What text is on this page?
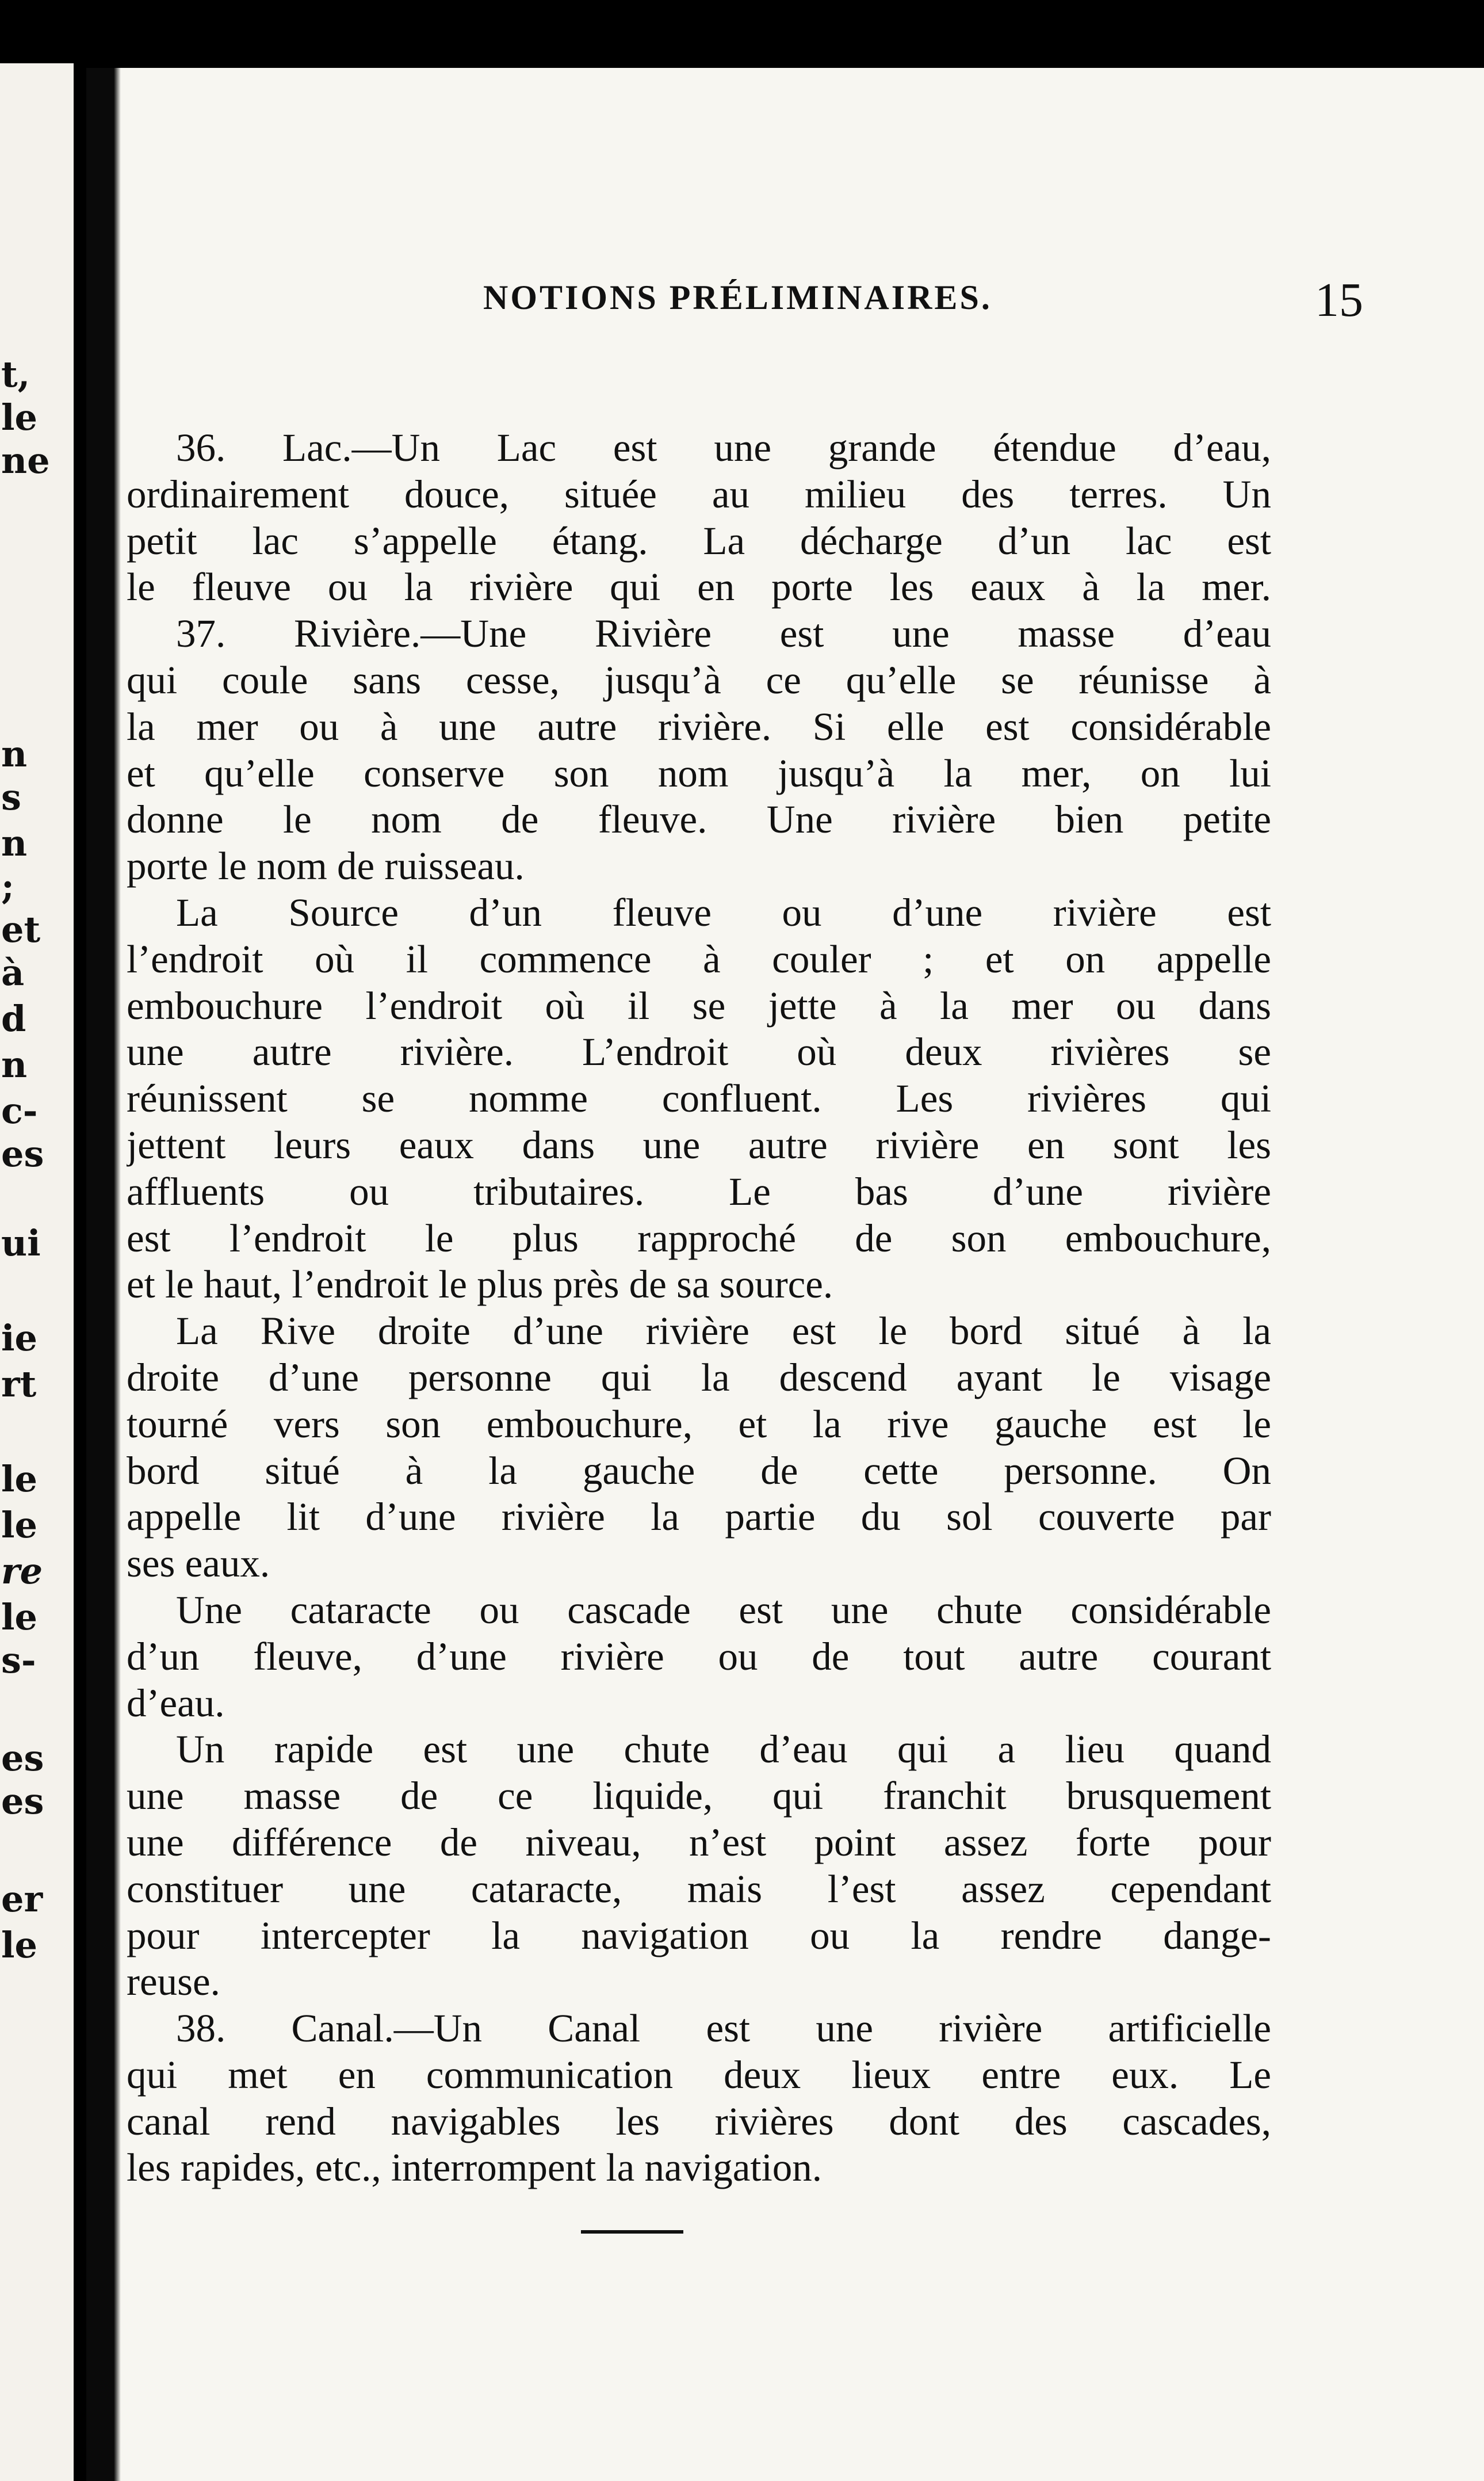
t,
le
ne
n
s
n
;
et
à
d
n
c-
es
ui
ie
rt
le
le
re
le
s-
es
es
er
le
NOTIONS PRÉLIMINAIRES.	15
36. Lac.—Un Lac est une grande étendue d’eau,
ordinairement douce, située au milieu des terres. Un
petit lac s’appelle étang. La décharge d’un lac est
le fleuve ou la rivière qui en porte les eaux à la mer.
37. Rivière.—Une Rivière est une masse d’eau
qui coule sans cesse, jusqu’à ce qu’elle se réunisse à
la mer ou à une autre rivière. Si elle est considérable
et qu’elle conserve son nom jusqu’à la mer, on lui
donne le nom de fleuve. Une rivière bien petite
porte le nom de ruisseau.
La Source d’un fleuve ou d’une rivière est
l’endroit où il commence à couler ; et on appelle
embouchure l’endroit où il se jette à la mer ou dans
une autre rivière. L’endroit où deux rivières se
réunissent se nomme confluent. Les rivières qui
jettent leurs eaux dans une autre rivière en sont les
affluents ou tributaires. Le bas d’une rivière
est l’endroit le plus rapproché de son embouchure,
et le haut, l’endroit le plus près de sa source.
La Rive droite d’une rivière est le bord situé à la
droite d’une personne qui la descend ayant le visage
tourné vers son embouchure, et la rive gauche est le
bord situé à la gauche de cette personne. On
appelle lit d’une rivière la partie du sol couverte par
ses eaux.
Une cataracte ou cascade est une chute considérable
d’un fleuve, d’une rivière ou de tout autre courant
d’eau.
Un rapide est une chute d’eau qui a lieu quand
une masse de ce liquide, qui franchit brusquement
une différence de niveau, n’est point assez forte pour
constituer une cataracte, mais l’est assez cependant
pour intercepter la navigation ou la rendre dange-
reuse.
38. Canal.—Un Canal est une rivière artificielle
qui met en communication deux lieux entre eux. Le
canal rend navigables les rivières dont des cascades,
les rapides, etc., interrompent la navigation.
